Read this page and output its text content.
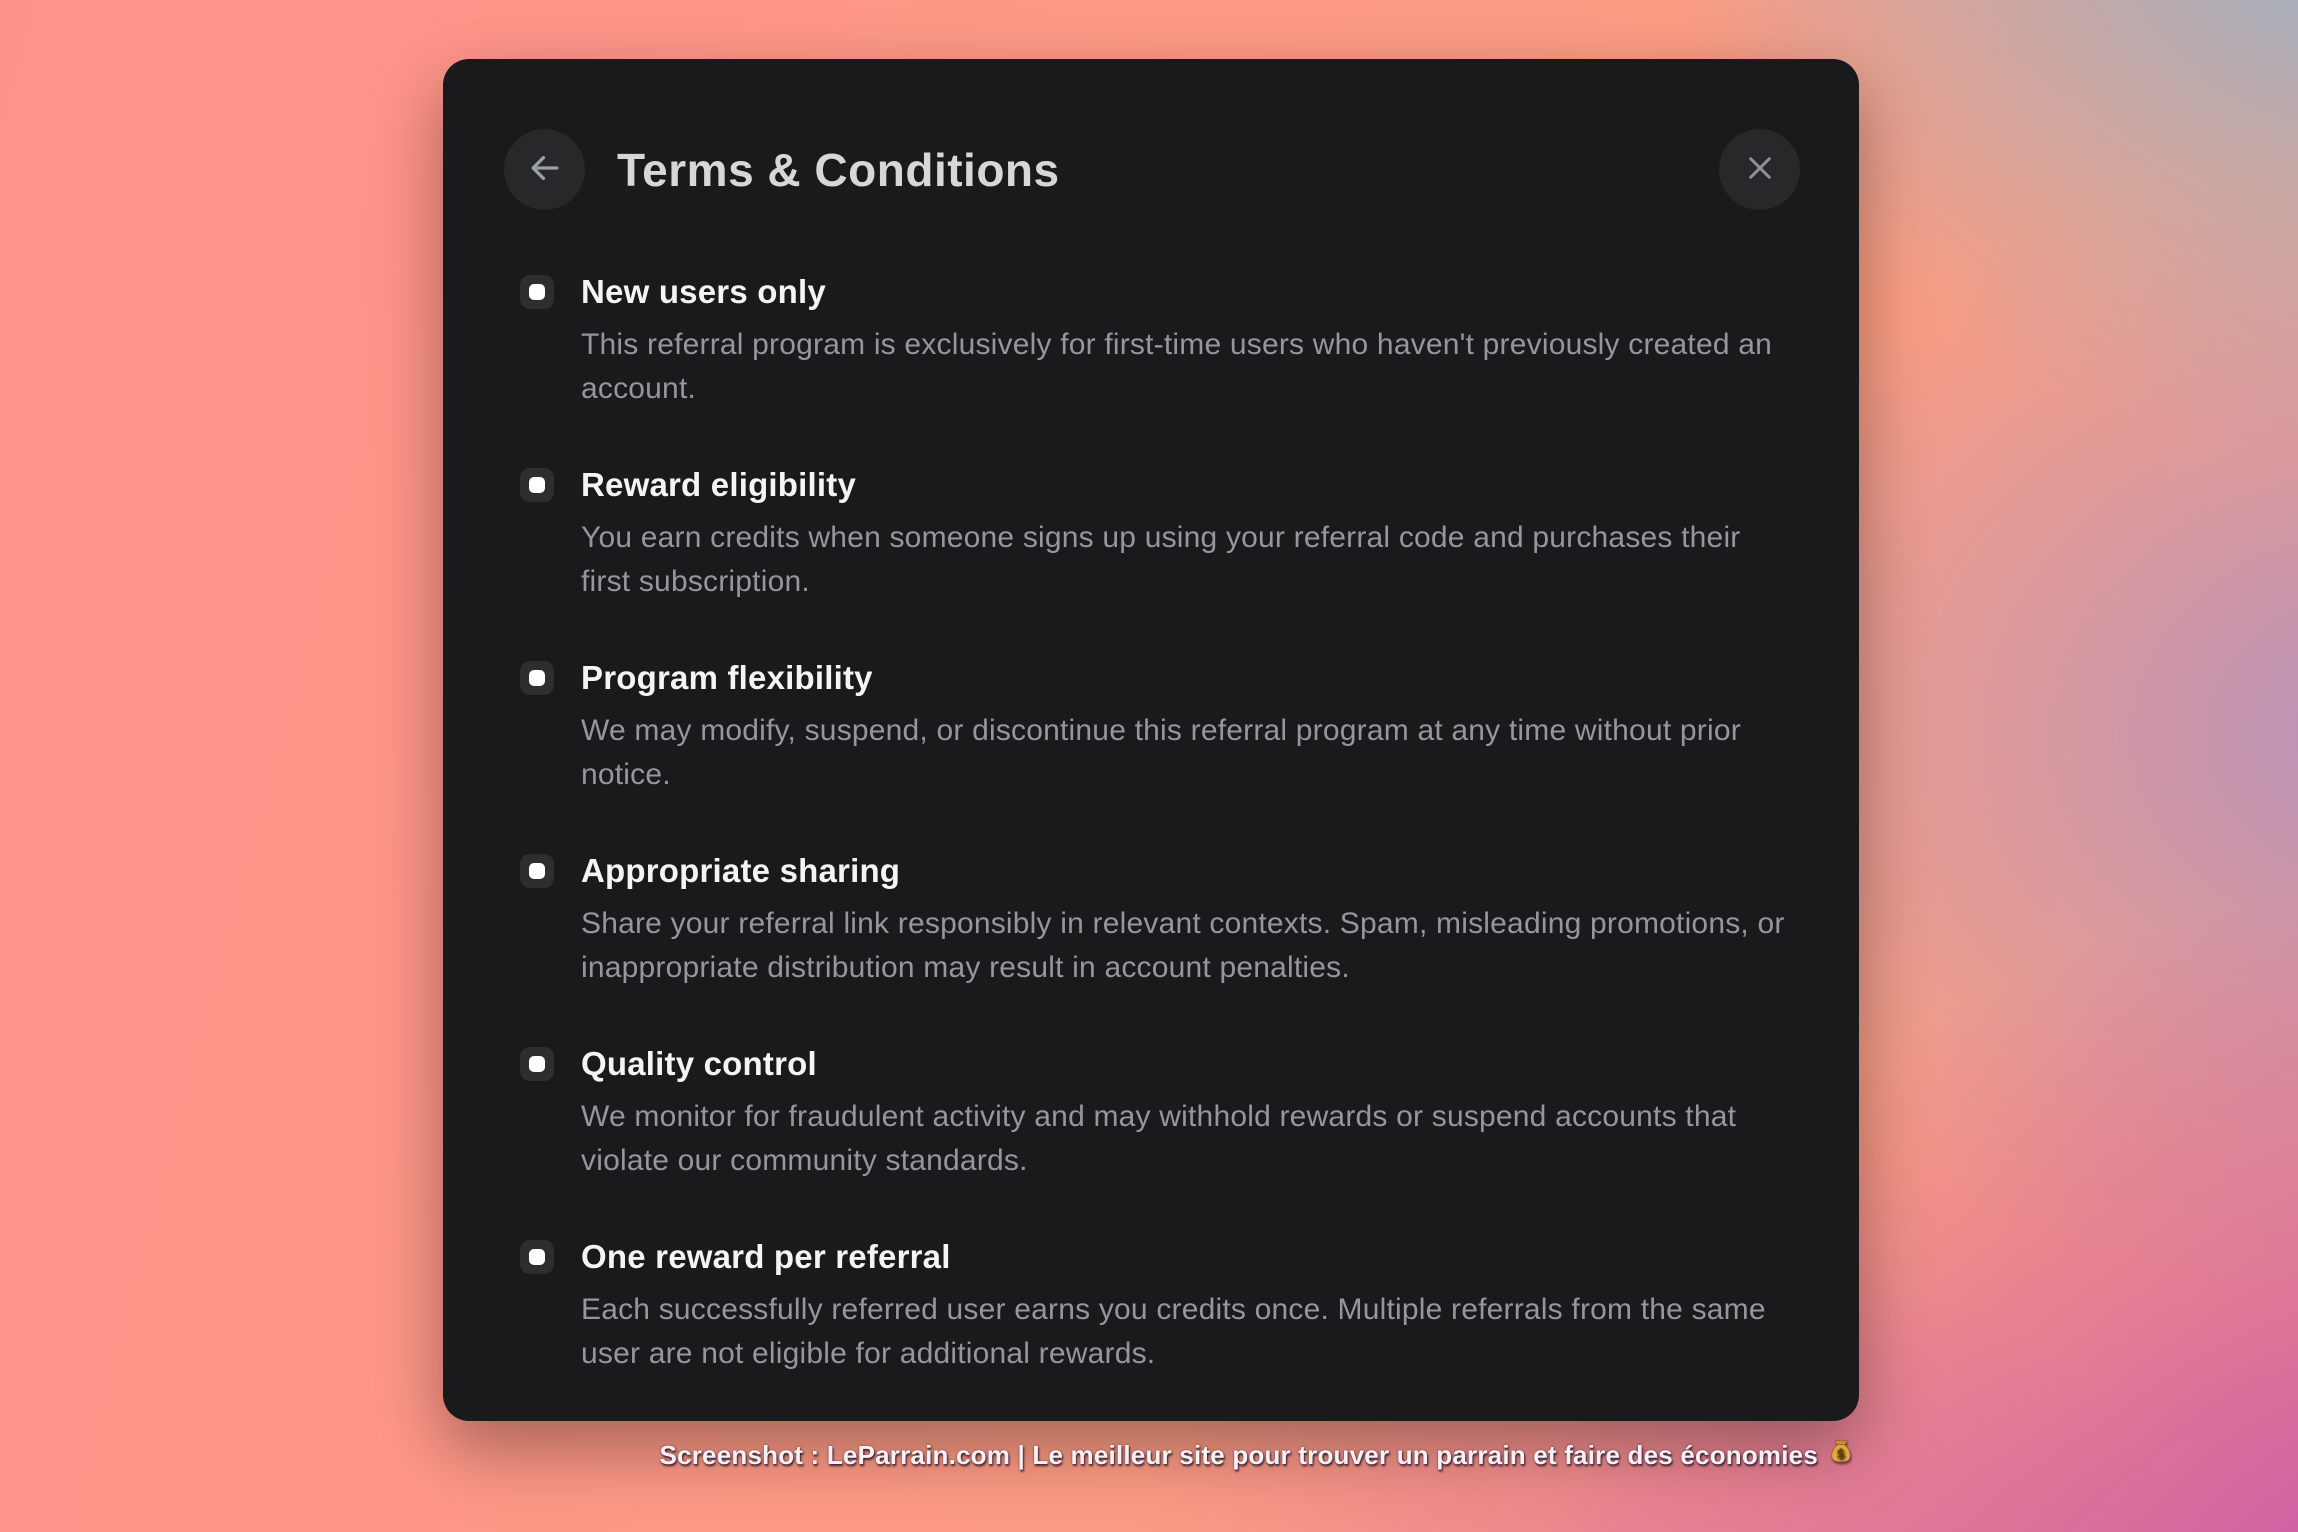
Terms & Conditions
New users only
This referral program is exclusively for first-time users who haven't previously created an account.
Reward eligibility
You earn credits when someone signs up using your referral code and purchases their first subscription.
Program flexibility
We may modify, suspend, or discontinue this referral program at any time without prior notice.
Appropriate sharing
Share your referral link responsibly in relevant contexts. Spam, misleading promotions, or inappropriate distribution may result in account penalties.
Quality control
We monitor for fraudulent activity and may withhold rewards or suspend accounts that violate our community standards.
One reward per referral
Each successfully referred user earns you credits once. Multiple referrals from the same user are not eligible for additional rewards.
Screenshot : LeParrain.com | Le meilleur site pour trouver un parrain et faire des économies $
